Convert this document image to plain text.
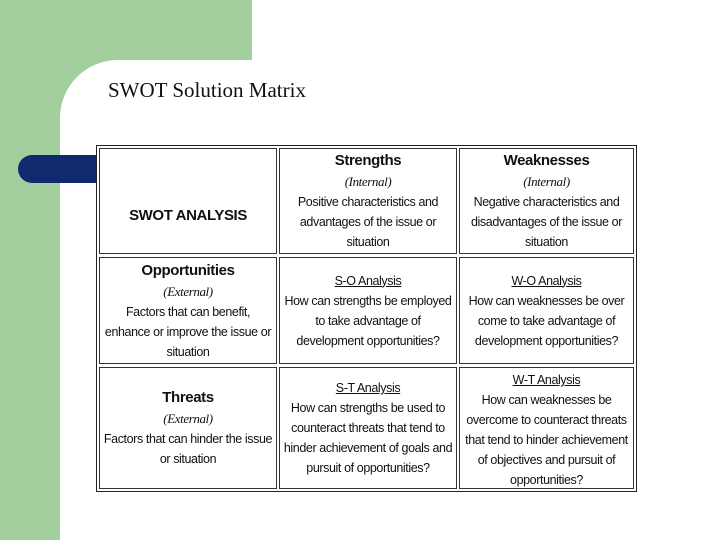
SWOT Solution Matrix
SWOT ANALYSIS
Strengths
(Internal)
Positive characteristics and
advantages of the issue or
situation
Weaknesses
(Internal)
Negative characteristics and
disadvantages of the issue or
situation
Opportunities
(External)
Factors that can benefit,
enhance or improve the issue or
situation
S-O Analysis
How can strengths be employed
to take advantage of
development opportunities?
W-O Analysis
How can weaknesses be over
come to take advantage of
development opportunities?
Threats
(External)
Factors that can hinder the issue
or situation
S-T Analysis
How can strengths be used to
counteract threats that tend to
hinder achievement of goals and
pursuit of opportunities?
W-T Analysis
How can weaknesses be
overcome to counteract threats
that tend to hinder achievement
of objectives and pursuit of
opportunities?
